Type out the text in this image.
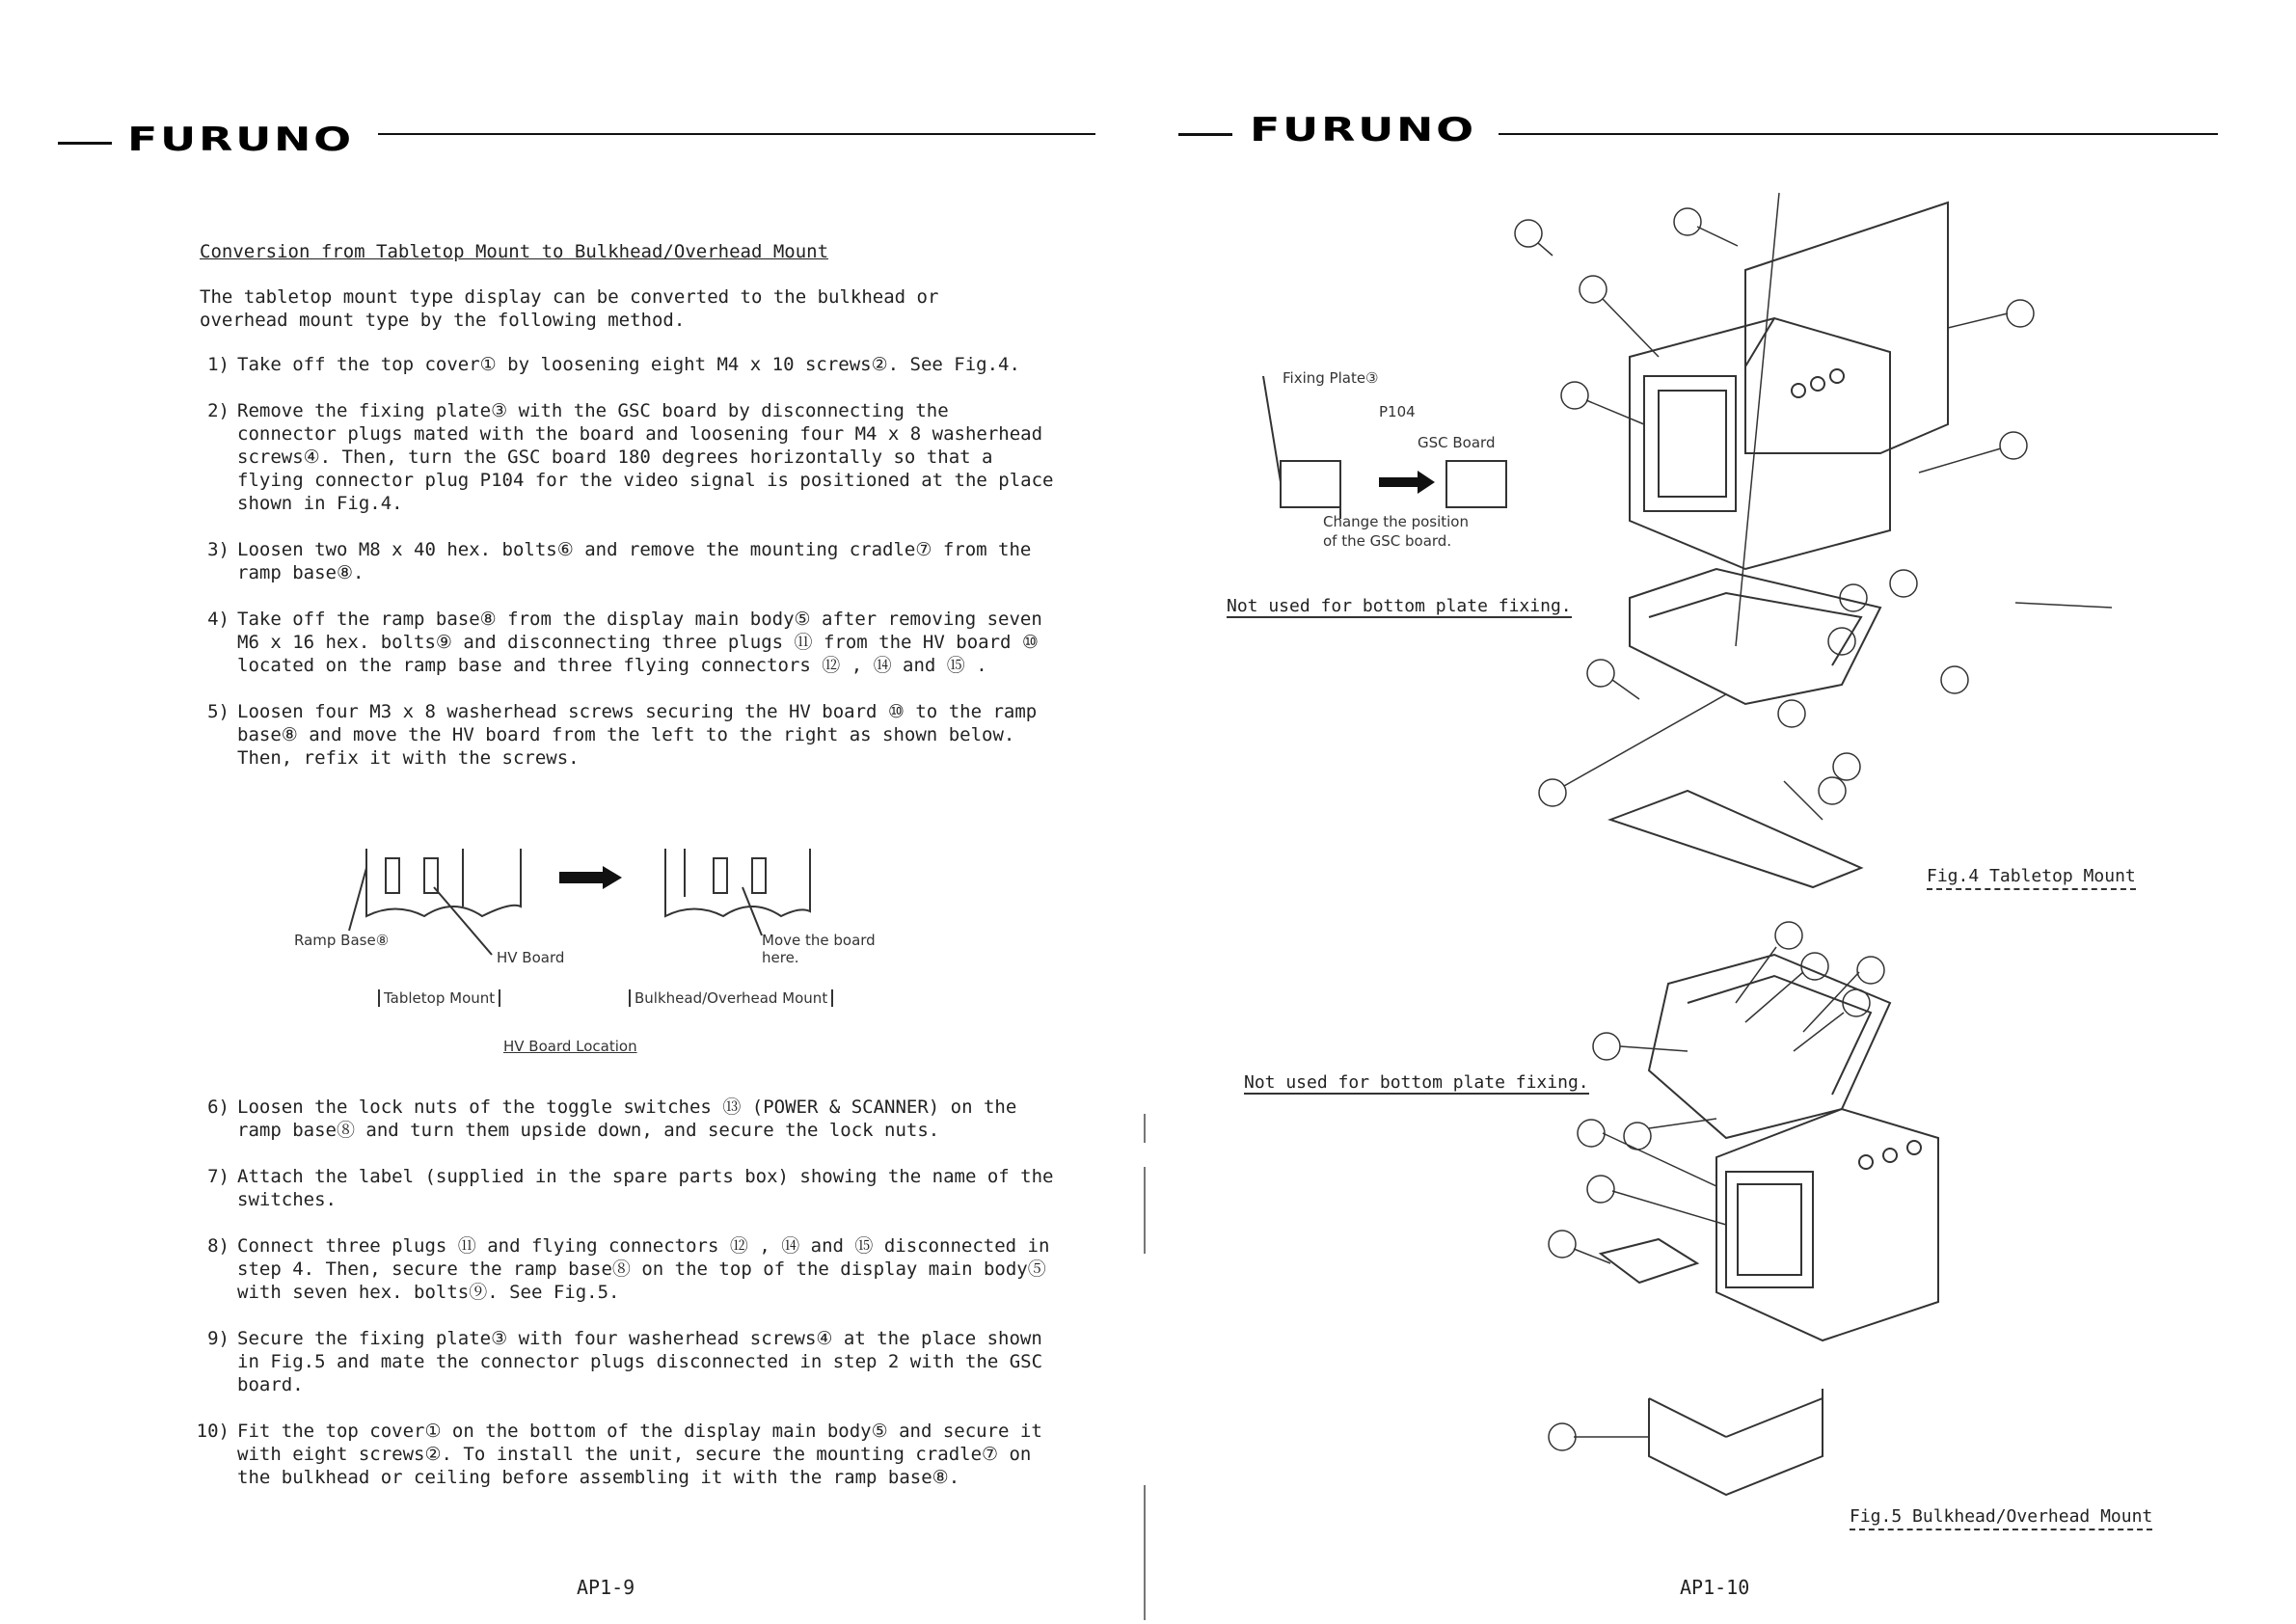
FURUNO
Conversion from Tabletop Mount to Bulkhead/Overhead Mount
The tabletop mount type display can be converted to the bulkhead or overhead mount type by the following method.
1) Take off the top cover① by loosening eight M4 x 10 screws②. See Fig.4.
2) Remove the fixing plate③ with the GSC board by disconnecting the connector plugs mated with the board and loosening four M4 x 8 washerhead screws④. Then, turn the GSC board 180 degrees horizontally so that a flying connector plug P104 for the video signal is positioned at the place shown in Fig.4.
3) Loosen two M8 x 40 hex. bolts⑥ and remove the mounting cradle⑦ from the ramp base⑧.
4) Take off the ramp base⑧ from the display main body⑤ after removing seven M6 x 16 hex. bolts⑨ and disconnecting three plugs ⑪ from the HV board ⑩ located on the ramp base and three flying connectors ⑫ , ⑭ and ⑮ .
5) Loosen four M3 x 8 washerhead screws securing the HV board ⑩ to the ramp base⑧ and move the HV board from the left to the right as shown below. Then, refix it with the screws.
Ramp Base⑧
HV Board
Move the board
here.
Tabletop Mount	Bulkhead/Overhead Mount
HV Board Location
6) Loosen the lock nuts of the toggle switches ⑬ (POWER & SCANNER) on the ramp base⑧ and turn them upside down, and secure the lock nuts.
7) Attach the label (supplied in the spare parts box) showing the name of the switches.
8) Connect three plugs ⑪ and flying connectors ⑫ , ⑭ and ⑮ disconnected in step 4. Then, secure the ramp base⑧ on the top of the display main body⑤ with seven hex. bolts⑨. See Fig.5.
9) Secure the fixing plate③ with four washerhead screws④ at the place shown in Fig.5 and mate the connector plugs disconnected in step 2 with the GSC board.
10) Fit the top cover① on the bottom of the display main body⑤ and secure it with eight screws②. To install the unit, secure the mounting cradle⑦ on the bulkhead or ceiling before assembling it with the ramp base⑧.
AP1-9
FURUNO
Fixing Plate③
P104
GSC Board
Change the position
of the GSC board.
Not used for bottom plate fixing.
Fig.4 Tabletop Mount
Not used for bottom plate fixing.
Fig.5 Bulkhead/Overhead Mount
AP1-10
